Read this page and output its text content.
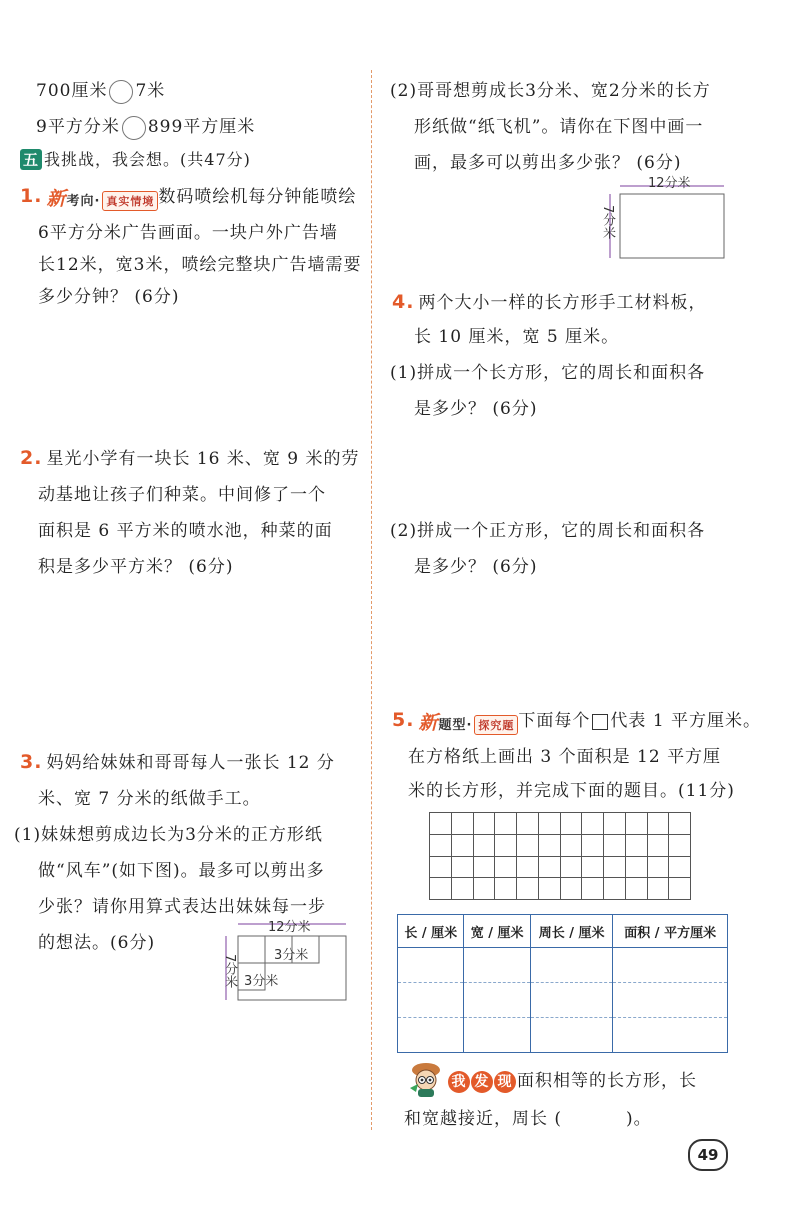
700厘米 7米
9平方分米 899平方厘米
五 我挑战，我会想。(共47分)
1. 新考向· 真实情境 数码喷绘机每分钟能喷绘
6平方分米广告画面。一块户外广告墙
长12米，宽3米，喷绘完整块广告墙需要
多少分钟？ (6分)
2. 星光小学有一块长 16 米、宽 9 米的劳
动基地让孩子们种菜。中间修了一个
面积是 6 平方米的喷水池，种菜的面
积是多少平方米？ (6分)
3. 妈妈给妹妹和哥哥每人一张长 12 分
米、宽 7 分米的纸做手工。
(1)妹妹想剪成边长为3分米的正方形纸
做“风车”(如下图)。最多可以剪出多
少张？请你用算式表达出妹妹每一步
的想法。(6分)
12分米
7分米	3分米
3分米
(2)哥哥想剪成长3分米、宽2分米的长方
形纸做“纸飞机”。请你在下图中画一
画，最多可以剪出多少张？ (6分)
12分米
7分米
4. 两个大小一样的长方形手工材料板，
长 10 厘米，宽 5 厘米。
(1)拼成一个长方形，它的周长和面积各
是多少？ (6分)
(2)拼成一个正方形，它的周长和面积各
是多少？ (6分)
5. 新题型· 探究题 下面每个 代表 1 平方厘米。
在方格纸上画出 3 个面积是 12 平方厘
米的长方形，并完成下面的题目。(11分)
长 / 厘米	宽 / 厘米	周长 / 厘米	面积 / 平方厘米

我 发 现 面积相等的长方形，长
和宽越接近，周长 (	)。
49
